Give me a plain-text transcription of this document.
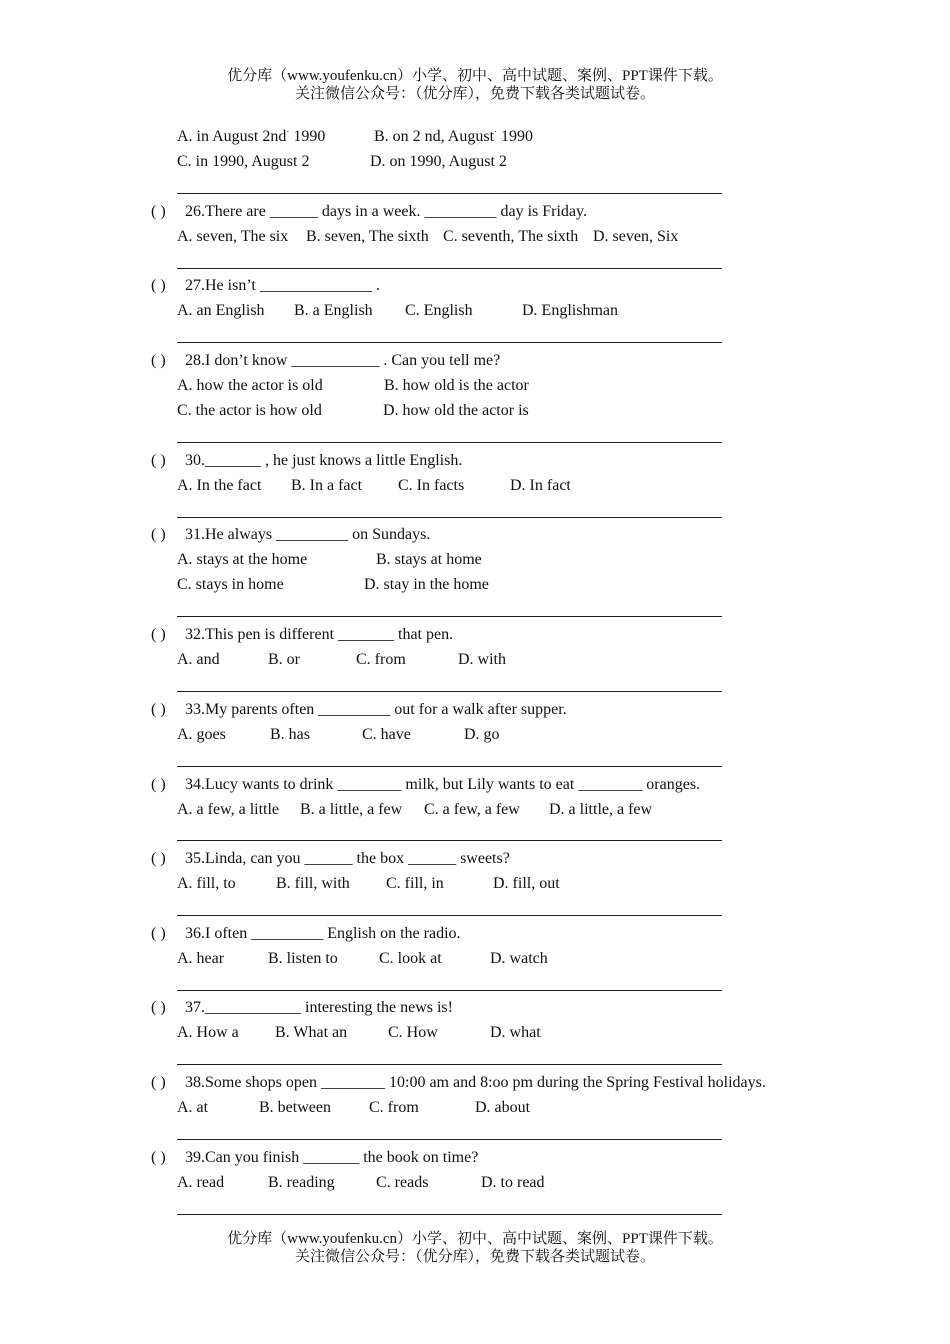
优分库（www.youfenku.cn）小学、初中、高中试题、案例、PPT课件下载。
关注微信公众号：（优分库），免费下载各类试题试卷。
A. in August 2nd· 1990	B. on 2 nd, August· 1990
C. in 1990, August 2	D. on 1990, August 2
( ) 26.There are ______ days in a week. _________ day is Friday.
A. seven, The six B. seven, The sixth C. seventh, The sixth D. seven, Six
( ) 27.He isn’t ______________ .
A. an English B. a English C. English	D. Englishman
( ) 28.I don’t know ___________ . Can you tell me?
A. how the actor is old	B. how old is the actor
C. the actor is how old	D. how old the actor is
( ) 30._______ , he just knows a little English.
A. In the fact B. In a fact C. In facts	D. In fact
( ) 31.He always _________ on Sundays.
A. stays at the home	B. stays at home
C. stays in home	D. stay in the home
( ) 32.This pen is different _______ that pen.
A. and	B. or	C. from	D. with
( ) 33.My parents often _________ out for a walk after supper.
A. goes	B. has	C. have	D. go
( ) 34.Lucy wants to drink ________ milk, but Lily wants to eat ________ oranges.
A. a few, a little B. a little, a few C. a few, a few D. a little, a few
( ) 35.Linda, can you ______ the box ______ sweets?
A. fill, to	B. fill, with C. fill, in	D. fill, out
( ) 36.I often _________ English on the radio.
A. hear	B. listen to	C. look at	D. watch
( ) 37.____________ interesting the news is!
A. How a B. What an	C. How	D. what
( ) 38.Some shops open ________ 10:00 am and 8:oo pm during the Spring Festival holidays.
A. at	B. between C. from	D. about
( ) 39.Can you finish _______ the book on time?
A. read	B. reading	C. reads	D. to read
优分库（www.youfenku.cn）小学、初中、高中试题、案例、PPT课件下载。
关注微信公众号：（优分库），免费下载各类试题试卷。
